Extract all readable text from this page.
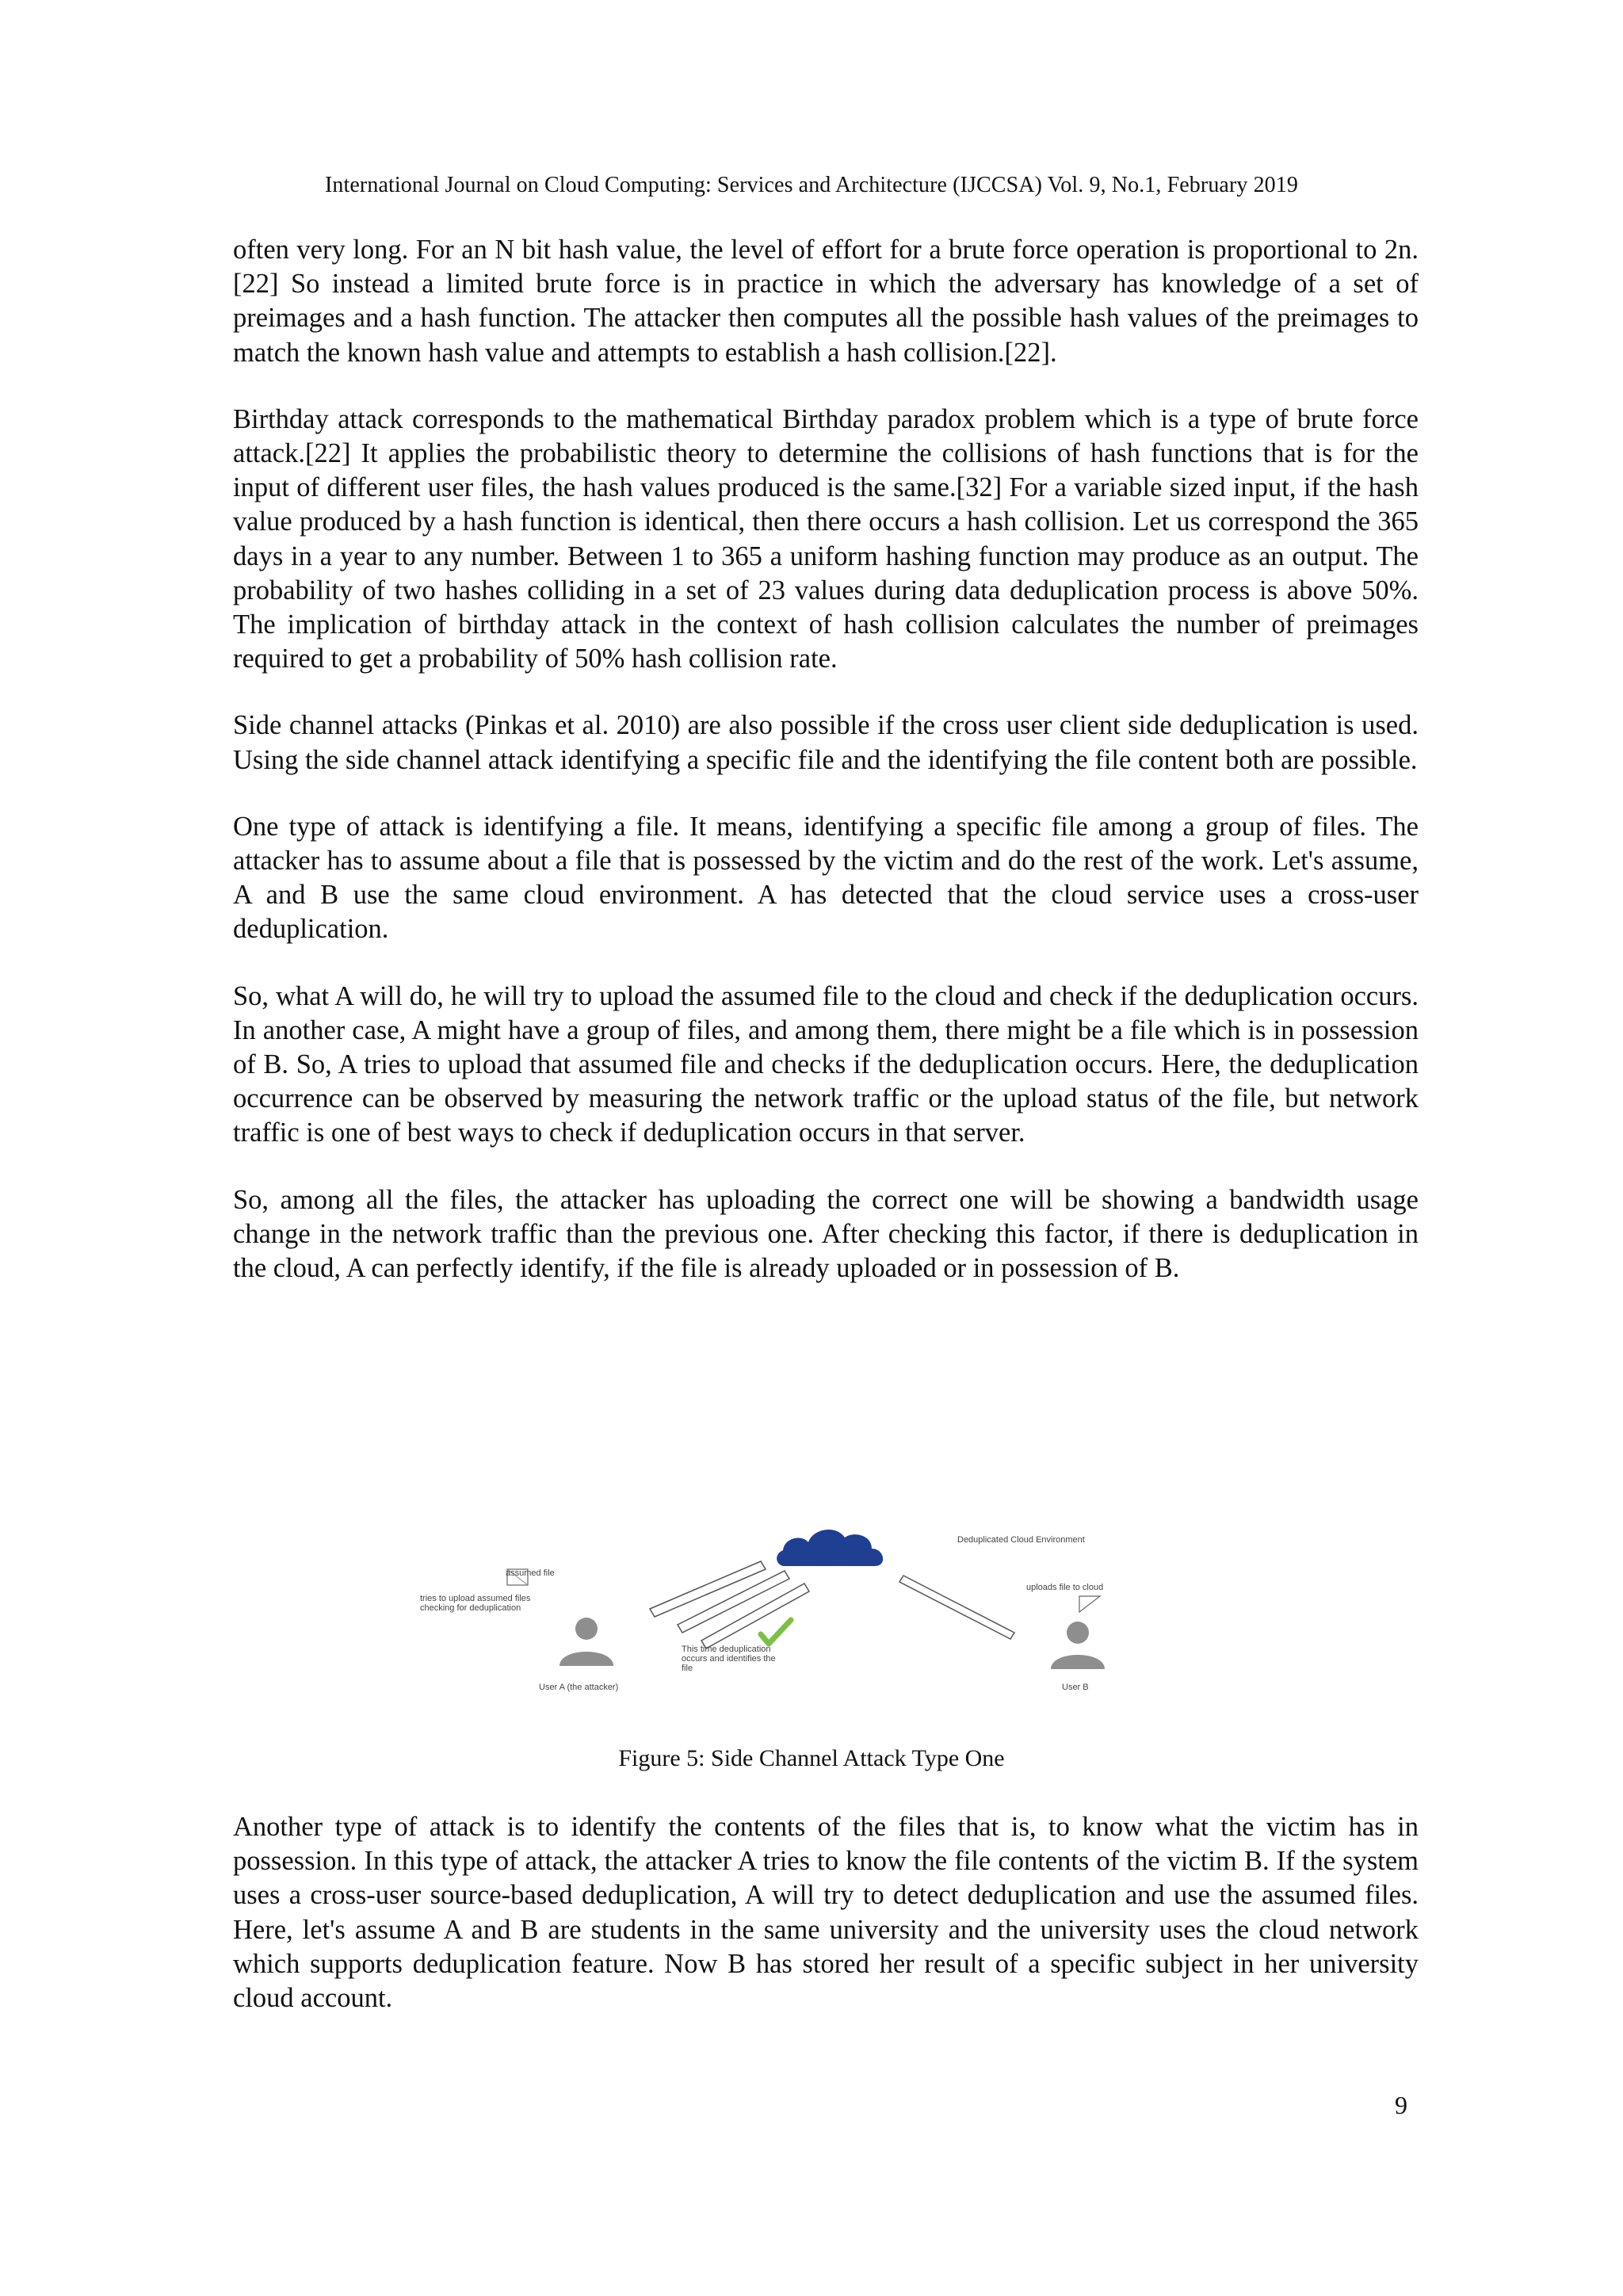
International Journal on Cloud Computing: Services and Architecture (IJCCSA) Vol. 9, No.1, February 2019

often very long. For an N bit hash value, the level of effort for a brute force operation is proportional to 2n. [22] So instead a limited brute force is in practice in which the adversary has knowledge of a set of preimages and a hash function. The attacker then computes all the possible hash values of the preimages to match the known hash value and attempts to establish a hash collision.[22].

Birthday attack corresponds to the mathematical Birthday paradox problem which is a type of brute force attack.[22] It applies the probabilistic theory to determine the collisions of hash functions that is for the input of different user files, the hash values produced is the same.[32] For a variable sized input, if the hash value produced by a hash function is identical, then there occurs a hash collision. Let us correspond the 365 days in a year to any number. Between 1 to 365 a uniform hashing function may produce as an output. The probability of two hashes colliding in a set of 23 values during data deduplication process is above 50%. The implication of birthday attack in the context of hash collision calculates the number of preimages required to get a probability of 50% hash collision rate.

Side channel attacks (Pinkas et al. 2010) are also possible if the cross user client side deduplication is used. Using the side channel attack identifying a specific file and the identifying the file content both are possible.

One type of attack is identifying a file. It means, identifying a specific file among a group of files. The attacker has to assume about a file that is possessed by the victim and do the rest of the work. Let's assume, A and B use the same cloud environment. A has detected that the cloud service uses a cross-user deduplication.

So, what A will do, he will try to upload the assumed file to the cloud and check if the deduplication occurs. In another case, A might have a group of files, and among them, there might be a file which is in possession of B. So, A tries to upload that assumed file and checks if the deduplication occurs. Here, the deduplication occurrence can be observed by measuring the network traffic or the upload status of the file, but network traffic is one of best ways to check if deduplication occurs in that server.

So, among all the files, the attacker has uploading the correct one will be showing a bandwidth usage change in the network traffic than the previous one. After checking this factor, if there is deduplication in the cloud, A can perfectly identify, if the file is already uploaded or in possession of B.

Deduplicated Cloud Environment
assumed file
tries to upload assumed files
checking for deduplication
User A (the attacker)
This time deduplication
occurs and identifies the
file
uploads file to cloud
User B
Figure 5: Side Channel Attack Type One

Another type of attack is to identify the contents of the files that is, to know what the victim has in possession. In this type of attack, the attacker A tries to know the file contents of the victim B. If the system uses a cross-user source-based deduplication, A will try to detect deduplication and use the assumed files. Here, let's assume A and B are students in the same university and the university uses the cloud network which supports deduplication feature. Now B has stored her result of a specific subject in her university cloud account.

9
